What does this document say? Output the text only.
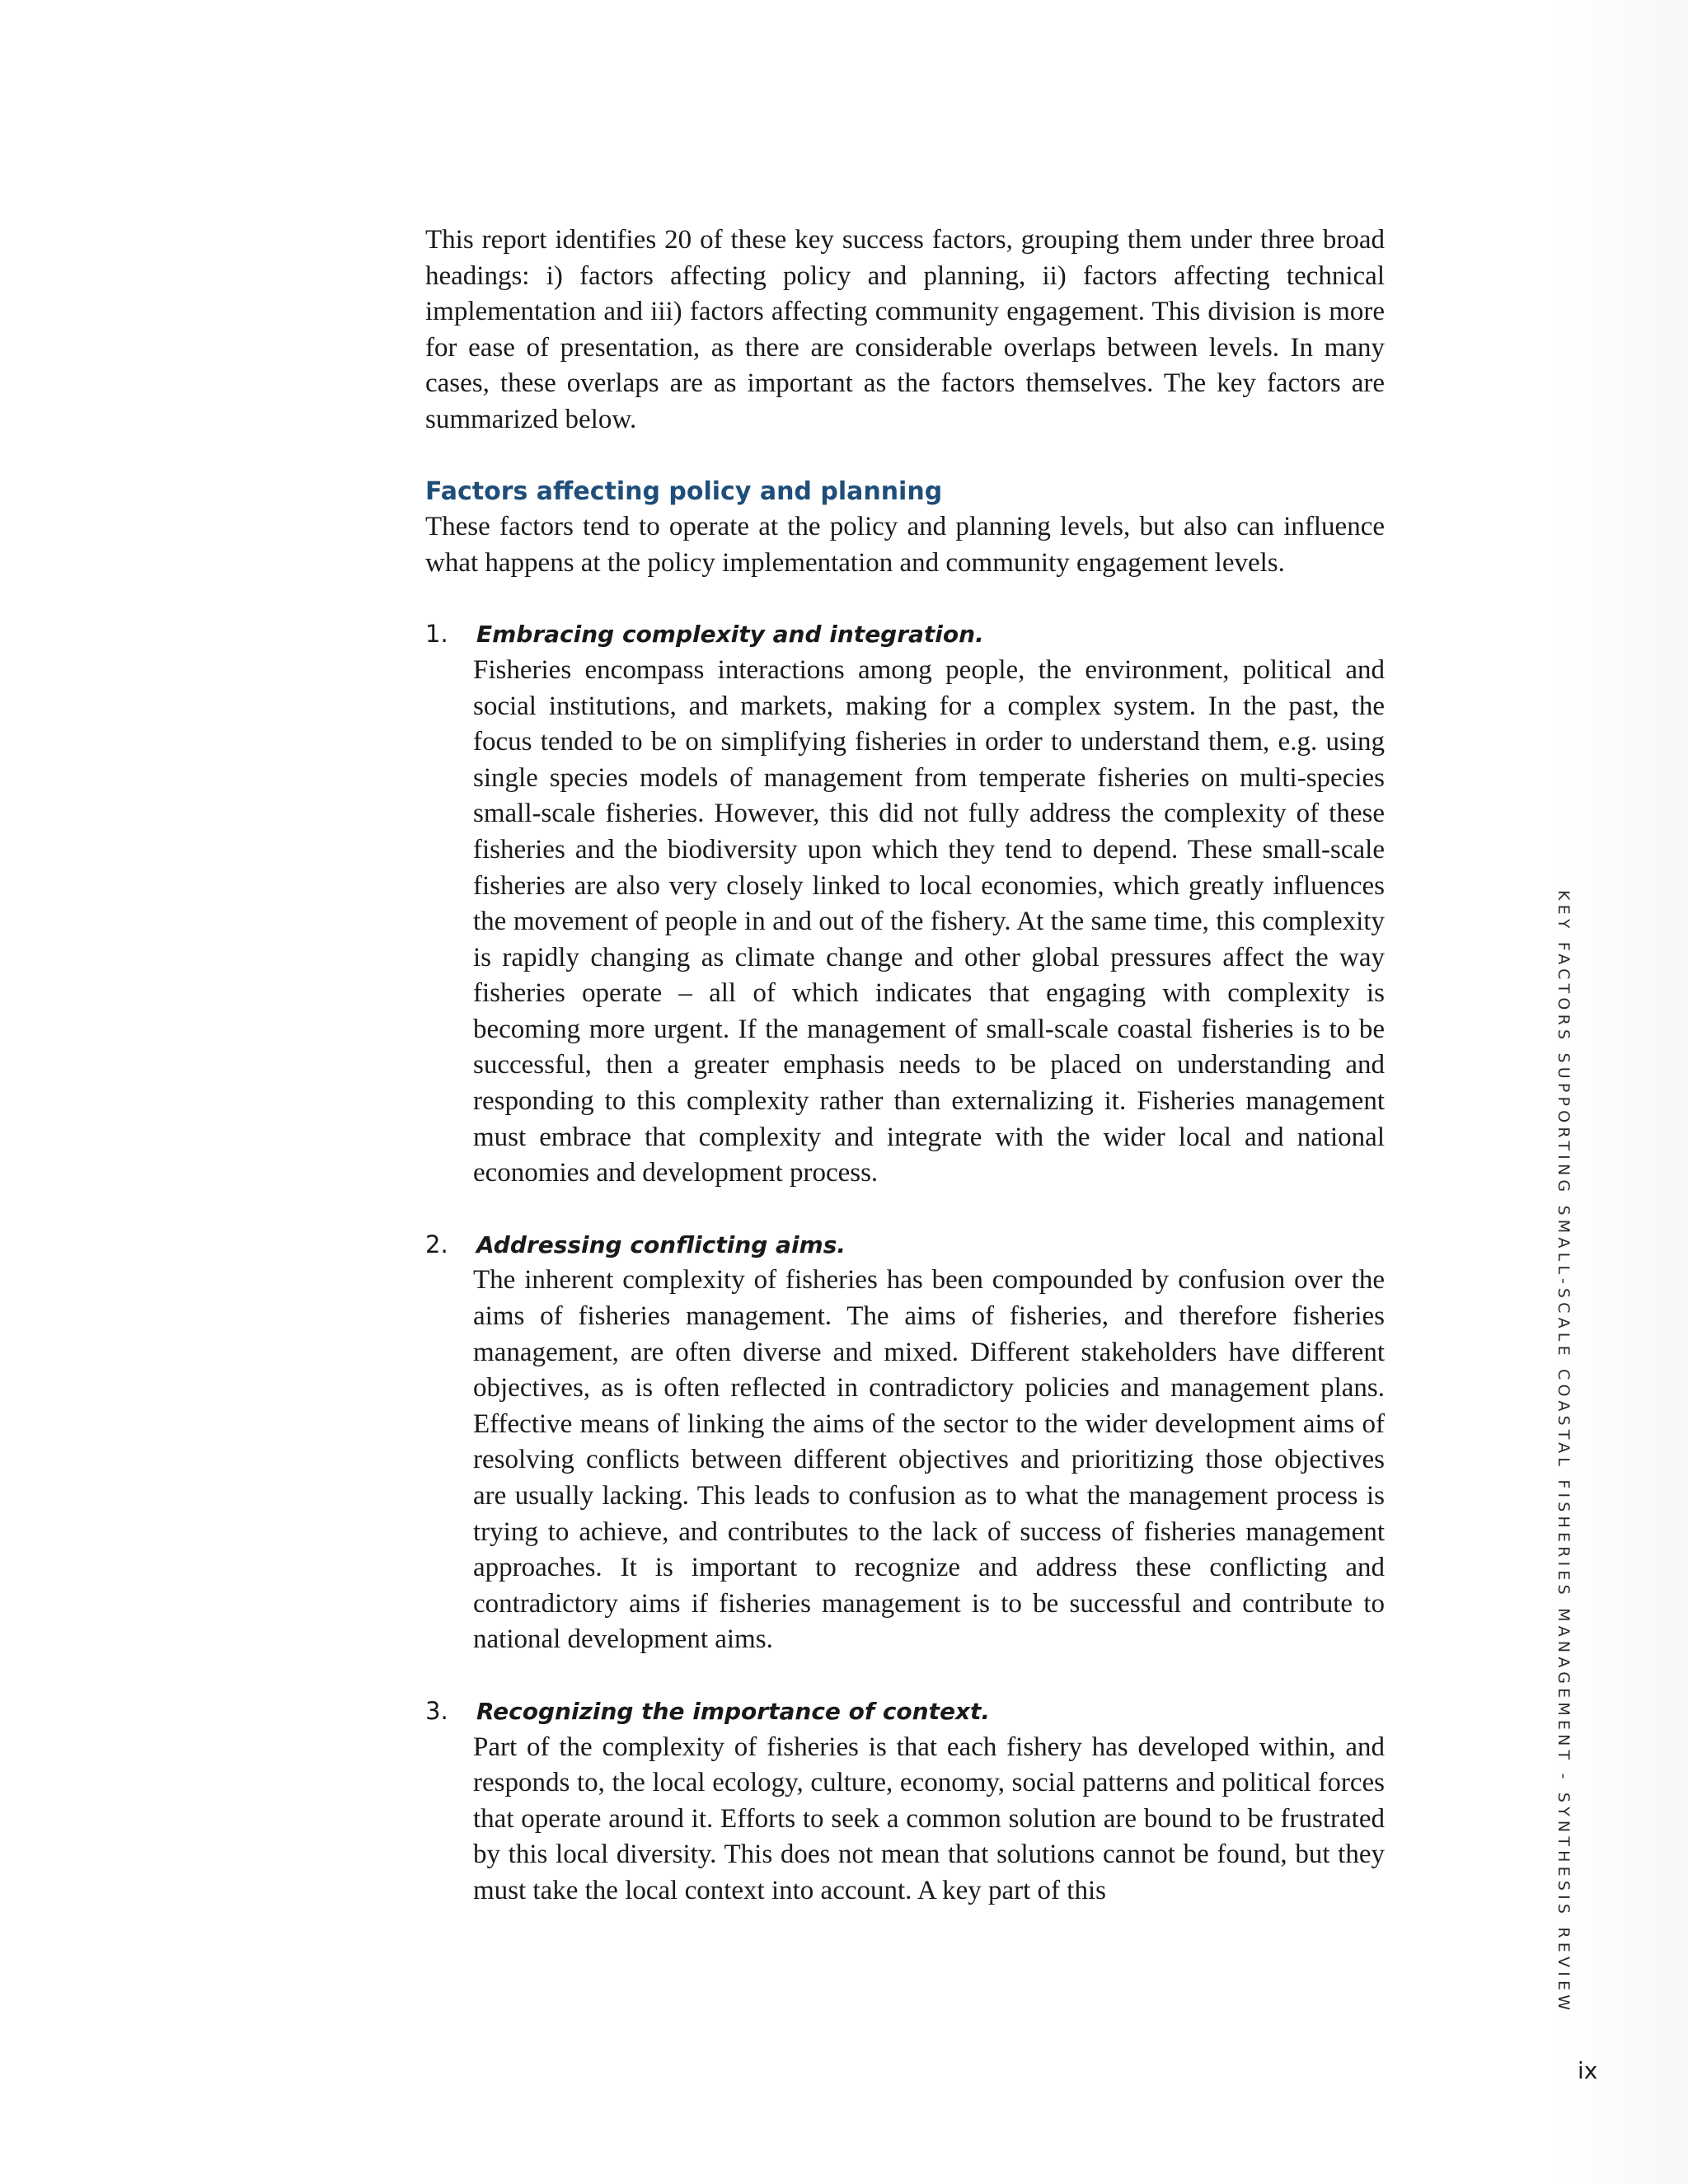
This report identifies 20 of these key success factors, grouping them under three broad headings: i) factors affecting policy and planning, ii) factors affecting technical implementation and iii) factors affecting community engagement. This division is more for ease of presentation, as there are considerable overlaps between levels. In many cases, these overlaps are as important as the factors themselves. The key factors are summarized below.

Factors affecting policy and planning

These factors tend to operate at the policy and planning levels, but also can influence what happens at the policy implementation and community engagement levels.

1. Embracing complexity and integration.

Fisheries encompass interactions among people, the environment, political and social institutions, and markets, making for a complex system. In the past, the focus tended to be on simplifying fisheries in order to understand them, e.g. using single species models of management from temperate fisheries on multi-species small-scale fisheries. However, this did not fully address the complexity of these fisheries and the biodiversity upon which they tend to depend. These small-scale fisheries are also very closely linked to local economies, which greatly influences the movement of people in and out of the fishery. At the same time, this complexity is rapidly changing as climate change and other global pressures affect the way fisheries operate – all of which indicates that engaging with complexity is becoming more urgent. If the management of small-scale coastal fisheries is to be successful, then a greater emphasis needs to be placed on understanding and responding to this complexity rather than externalizing it. Fisheries management must embrace that complexity and integrate with the wider local and national economies and development process.

2. Addressing conflicting aims.

The inherent complexity of fisheries has been compounded by confusion over the aims of fisheries management. The aims of fisheries, and therefore fisheries management, are often diverse and mixed. Different stakeholders have different objectives, as is often reflected in contradictory policies and management plans. Effective means of linking the aims of the sector to the wider development aims of resolving conflicts between different objectives and prioritizing those objectives are usually lacking. This leads to confusion as to what the management process is trying to achieve, and contributes to the lack of success of fisheries management approaches. It is important to recognize and address these conflicting and contradictory aims if fisheries management is to be successful and contribute to national development aims.

3. Recognizing the importance of context.

Part of the complexity of fisheries is that each fishery has developed within, and responds to, the local ecology, culture, economy, social patterns and political forces that operate around it. Efforts to seek a common solution are bound to be frustrated by this local diversity. This does not mean that solutions cannot be found, but they must take the local context into account. A key part of this	KEY FACTORS SUPPORTING SMALL-SCALE COASTAL FISHERIES MANAGEMENT - SYNTHESIS REVIEW
ix
